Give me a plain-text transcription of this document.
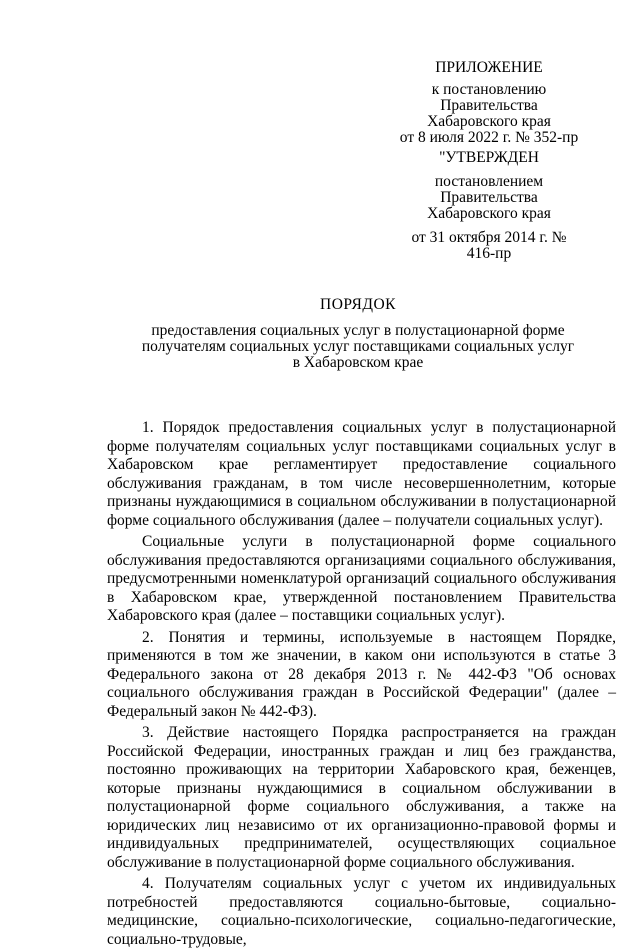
ПРИЛОЖЕНИЕ

к постановлению

Правительства

Хабаровского края

от 8 июля 2022 г. № 352-пр

"УТВЕРЖДЕН

постановлением

Правительства

Хабаровского края

от 31 октября 2014 г. № 416-пр

ПОРЯДОК

предоставления социальных услуг в полустационарной форме

получателям социальных услуг поставщиками социальных услуг

в Хабаровском крае

1. Порядок предоставления социальных услуг в полустационарной форме получателям социальных услуг поставщиками социальных услуг в Хабаровском крае регламентирует предоставление социального обслуживания гражданам, в том числе несовершеннолетним, которые признаны нуждающимися в социальном обслуживании в полустационарной форме социального обслуживания (далее – получатели социальных услуг).

Социальные услуги в полустационарной форме социального обслуживания предоставляются организациями социального обслуживания, предусмотренными номенклатурой организаций социального обслуживания в Хабаровском крае, утвержденной постановлением Правительства Хабаровского края (далее – поставщики социальных услуг).

2. Понятия и термины, используемые в настоящем Порядке, применяются в том же значении, в каком они используются в статье 3 Федерального закона от 28 декабря 2013 г. № 442-ФЗ "Об основах социального обслуживания граждан в Российской Федерации" (далее – Федеральный закон № 442-ФЗ).

3. Действие настоящего Порядка распространяется на граждан Российской Федерации, иностранных граждан и лиц без гражданства, постоянно проживающих на территории Хабаровского края, беженцев, которые признаны нуждающимися в социальном обслуживании в полустационарной форме социального обслуживания, а также на юридических лиц независимо от их организационно-правовой формы и индивидуальных предпринимателей, осуществляющих социальное обслуживание в полустационарной форме социального обслуживания.

4. Получателям социальных услуг с учетом их индивидуальных потребностей предоставляются социально-бытовые, социально-медицинские, социально-психологические, социально-педагогические, социально-трудовые,
